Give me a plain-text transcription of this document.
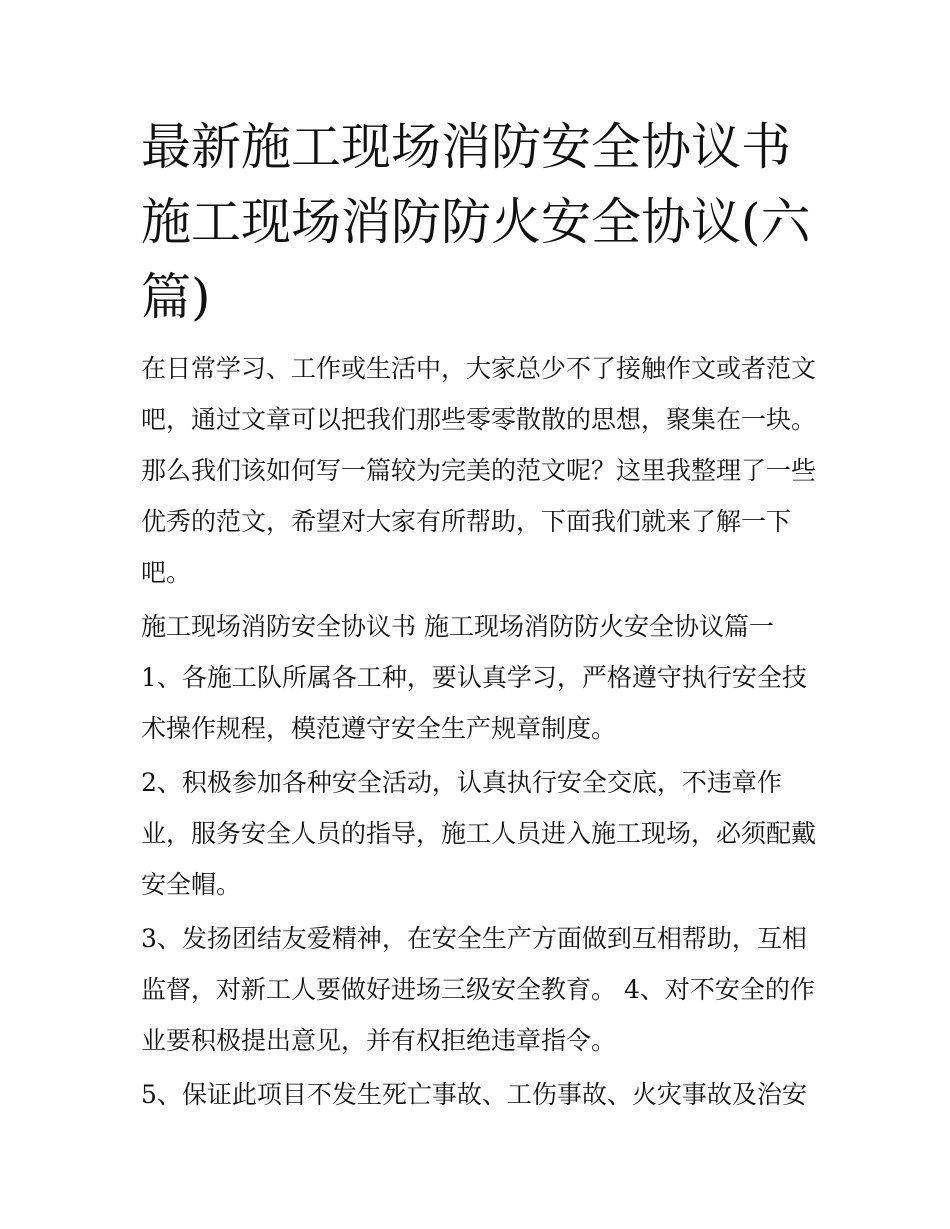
最新施工现场消防安全协议书 施工现场消防防火安全协议(六篇)

在日常学习、工作或生活中，大家总少不了接触作文或者范文吧，通过文章可以把我们那些零零散散的思想，聚集在一块。那么我们该如何写一篇较为完美的范文呢？这里我整理了一些优秀的范文，希望对大家有所帮助，下面我们就来了解一下吧。

施工现场消防安全协议书 施工现场消防防火安全协议篇一 1、各施工队所属各工种，要认真学习，严格遵守执行安全技术操作规程，模范遵守安全生产规章制度。

2、积极参加各种安全活动，认真执行安全交底，不违章作业，服务安全人员的指导，施工人员进入施工现场，必须配戴安全帽。

3、发扬团结友爱精神，在安全生产方面做到互相帮助，互相监督，对新工人要做好进场三级安全教育。 4、对不安全的作业要积极提出意见，并有权拒绝违章指令。

5、保证此项目不发生死亡事故、工伤事故、火灾事故及治安
